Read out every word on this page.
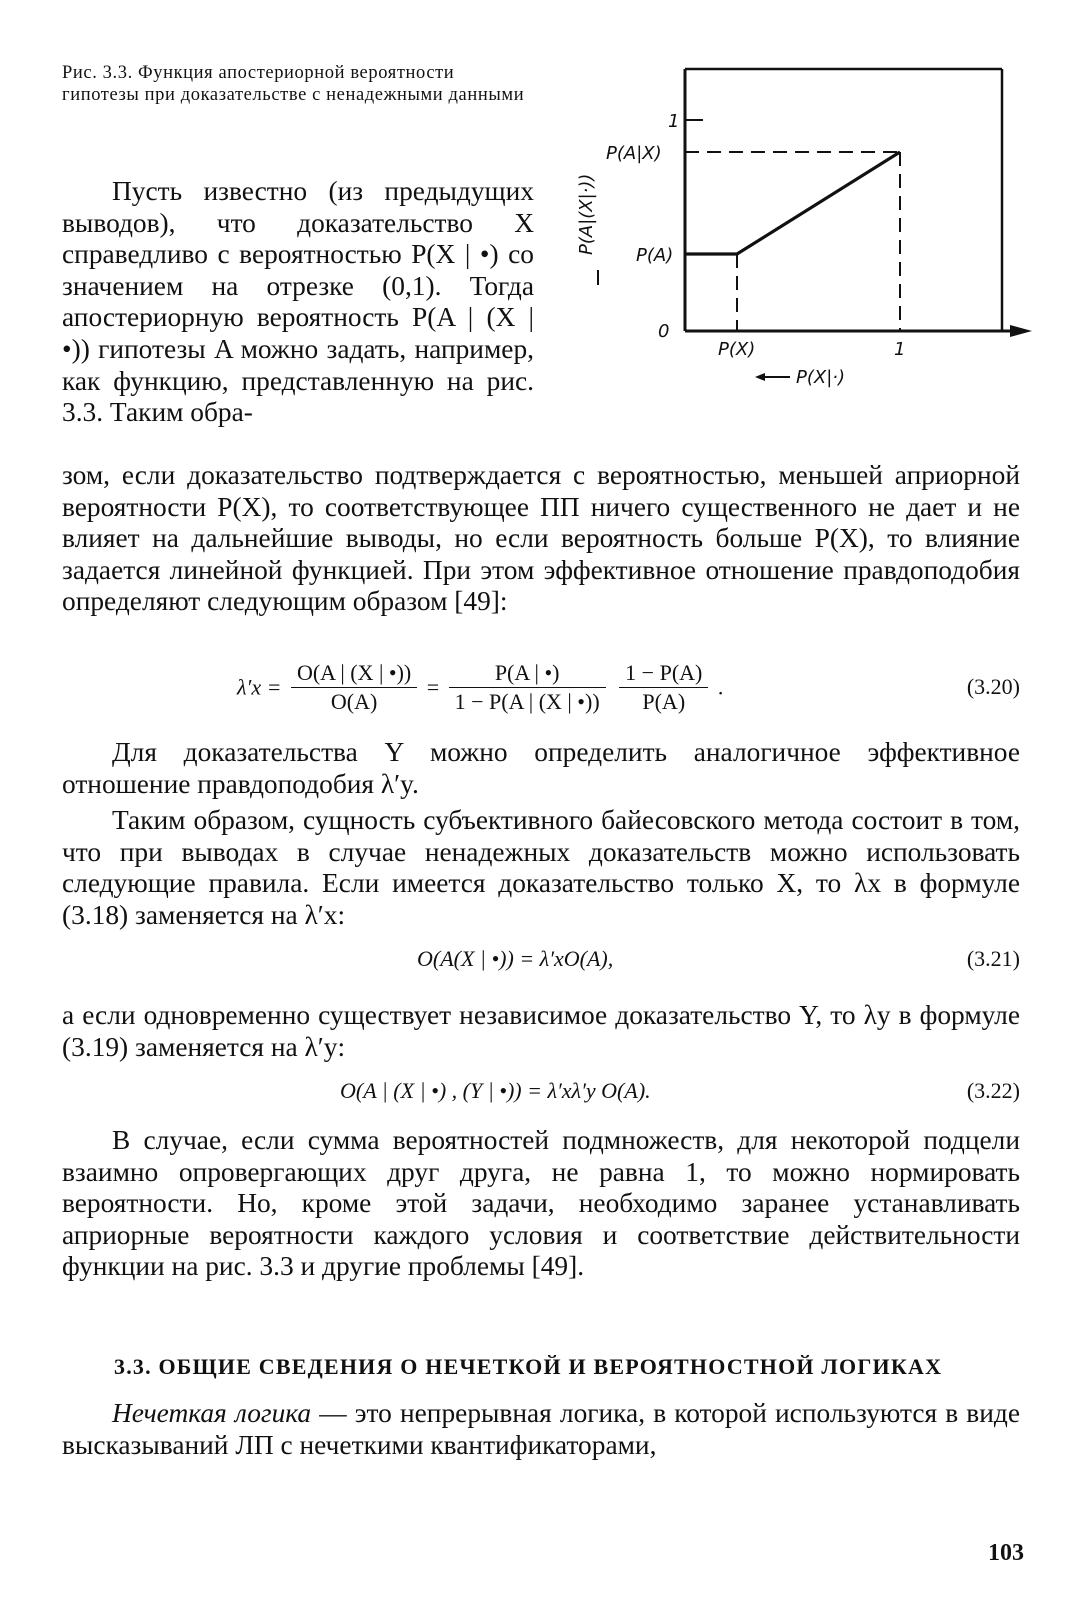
Рис. 3.3. Функция апостериорной вероятности гипотезы при доказательстве с ненадежными данными
P(A|(X|·))
1
P(A|X)
P(A)
0
P(X)	1
P(X|·)

Пусть известно (из предыдущих выводов), что доказательство X справедливо с вероятностью P(X | •) со значением на отрезке (0,1). Тогда апостериорную вероятность P(A | (X | •)) гипотезы A можно задать, например, как функцию, представленную на рис. 3.3. Таким обра-

зом, если доказательство подтверждается с вероятностью, меньшей априорной вероятности P(X), то соответствующее ПП ничего существенного не дает и не влияет на дальнейшие выводы, но если вероятность больше P(X), то влияние задается линейной функцией. При этом эффективное отношение правдоподобия определяют следующим образом [49]:

$\lambda'x = \frac{O(A | (X | •))}{O(A)} = \frac{P(A | •)}{1 - P(A | (X | •))}$
$\frac{1 - P(A)}{P(A)}$ .	(3.20)

Для доказательства Y можно определить аналогичное эффективное отношение правдоподобия λ′y.

Таким образом, сущность субъективного байесовского метода состоит в том, что при выводах в случае ненадежных доказательств можно использовать следующие правила. Если имеется доказательство только X, то λx в формуле (3.18) заменяется на λ′x:

O(A(X | •)) = λ′xO(A),	(3.21)

а если одновременно существует независимое доказательство Y, то λy в формуле (3.19) заменяется на λ′y:

O(A | (X | •) , (Y | •)) = λ′xλ′y O(A).	(3.22)

В случае, если сумма вероятностей подмножеств, для некоторой подцели взаимно опровергающих друг друга, не равна 1, то можно нормировать вероятности. Но, кроме этой задачи, необходимо заранее устанавливать априорные вероятности каждого условия и соответствие действительности функции на рис. 3.3 и другие проблемы [49].

3.3. ОБЩИЕ СВЕДЕНИЯ О НЕЧЕТКОЙ И ВЕРОЯТНОСТНОЙ ЛОГИКАХ

Нечеткая логика — это непрерывная логика, в которой используются в виде высказываний ЛП с нечеткими квантификаторами,

103
